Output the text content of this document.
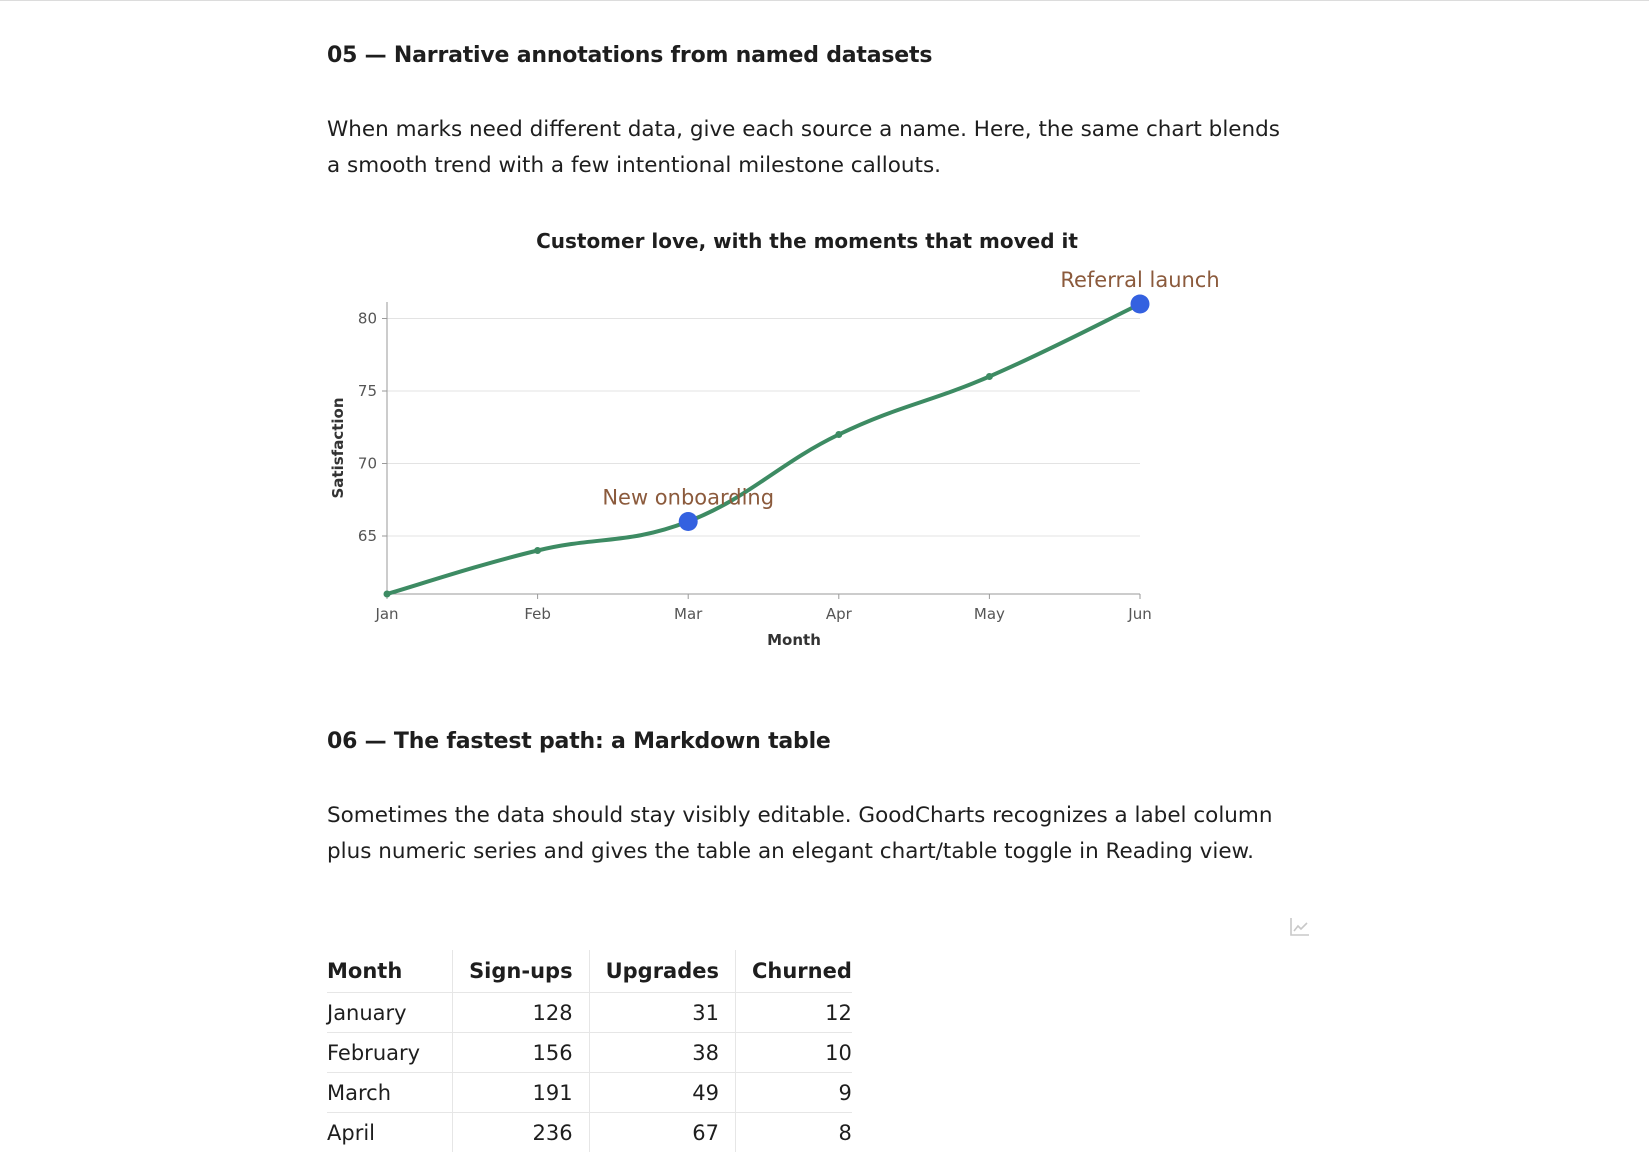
05 — Narrative annotations from named datasets

When marks need different data, give each source a name. Here, the same chart blends a smooth trend with a few intentional milestone callouts.

Customer love, with the moments that moved it
65
70
75
80
Jan	Feb	Mar	Apr	May	Jun
New onboarding
Referral launch
Satisfaction
Month
06 — The fastest path: a Markdown table

Sometimes the data should stay visibly editable. GoodCharts recognizes a label column plus numeric series and gives the table an elegant chart/table toggle in Reading view.

Month	Sign-ups	Upgrades	Churned
January	128	31	12
February	156	38	10
March	191	49	9
April	236	67	8
